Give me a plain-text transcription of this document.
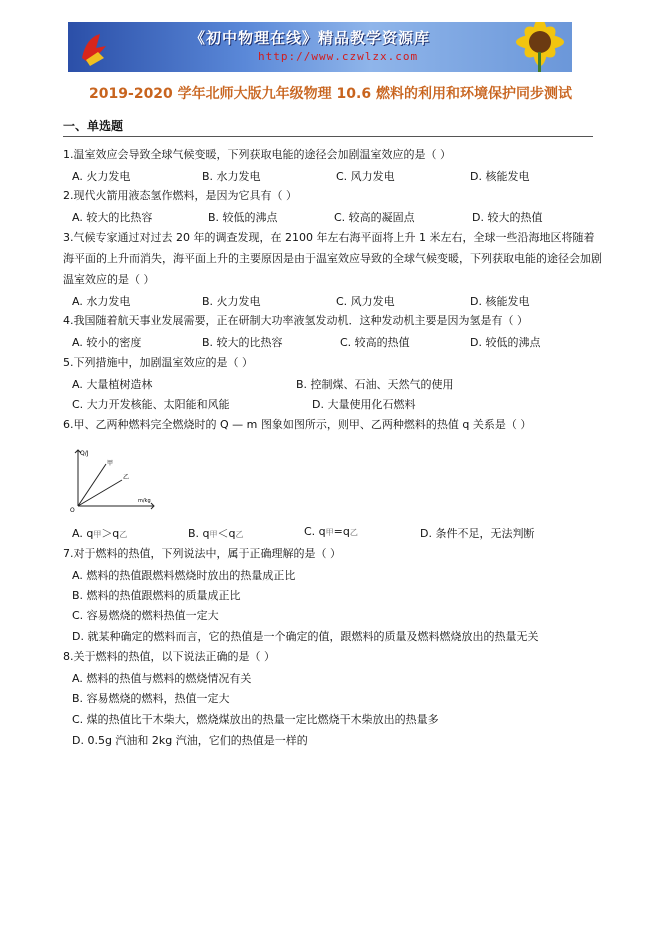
《初中物理在线》精品教学资源库
http://www.czwlzx.com
2019-2020 学年北师大版九年级物理 10.6 燃料的利用和环境保护同步测试
一、单选题
1.温室效应会导致全球气候变暖，下列获取电能的途径会加剧温室效应的是（ ）
A. 火力发电	B. 水力发电	C. 风力发电	D. 核能发电
2.现代火箭用液态氢作燃料，是因为它具有（ ）
A. 较大的比热容	B. 较低的沸点	C. 较高的凝固点	D. 较大的热值
3.气候专家通过对过去 20 年的调查发现，在 2100 年左右海平面将上升 1 米左右，全球一些沿海地区将随着海平面的上升而消失，海平面上升的主要原因是由于温室效应导致的全球气候变暖，下列获取电能的途径会加剧温室效应的是（ ）
A. 水力发电	B. 火力发电	C. 风力发电	D. 核能发电
4.我国随着航天事业发展需要，正在研制大功率液氢发动机．这种发动机主要是因为氢是有（ ）
A. 较小的密度	B. 较大的比热容	C. 较高的热值	D. 较低的沸点
5.下列措施中，加剧温室效应的是（ ）
A. 大量植树造林	B. 控制煤、石油、天然气的使用
C. 大力开发核能、太阳能和风能	D. 大量使用化石燃料
6.甲、乙两种燃料完全燃烧时的 Q — m 图象如图所示，则甲、乙两种燃料的热值 q 关系是（ ）
Q/J
m/kg
O
甲
乙
A. q甲＞q乙	B. q甲＜q乙	C. q甲=q乙	D. 条件不足，无法判断
7.对于燃料的热值，下列说法中，属于正确理解的是（ ）
A. 燃料的热值跟燃料燃烧时放出的热量成正比
B. 燃料的热值跟燃料的质量成正比
C. 容易燃烧的燃料热值一定大
D. 就某种确定的燃料而言，它的热值是一个确定的值，跟燃料的质量及燃料燃烧放出的热量无关
8.关于燃料的热值，以下说法正确的是（ ）
A. 燃料的热值与燃料的燃烧情况有关
B. 容易燃烧的燃料，热值一定大
C. 煤的热值比干木柴大，燃烧煤放出的热量一定比燃烧干木柴放出的热量多
D. 0.5g 汽油和 2kg 汽油，它们的热值是一样的
